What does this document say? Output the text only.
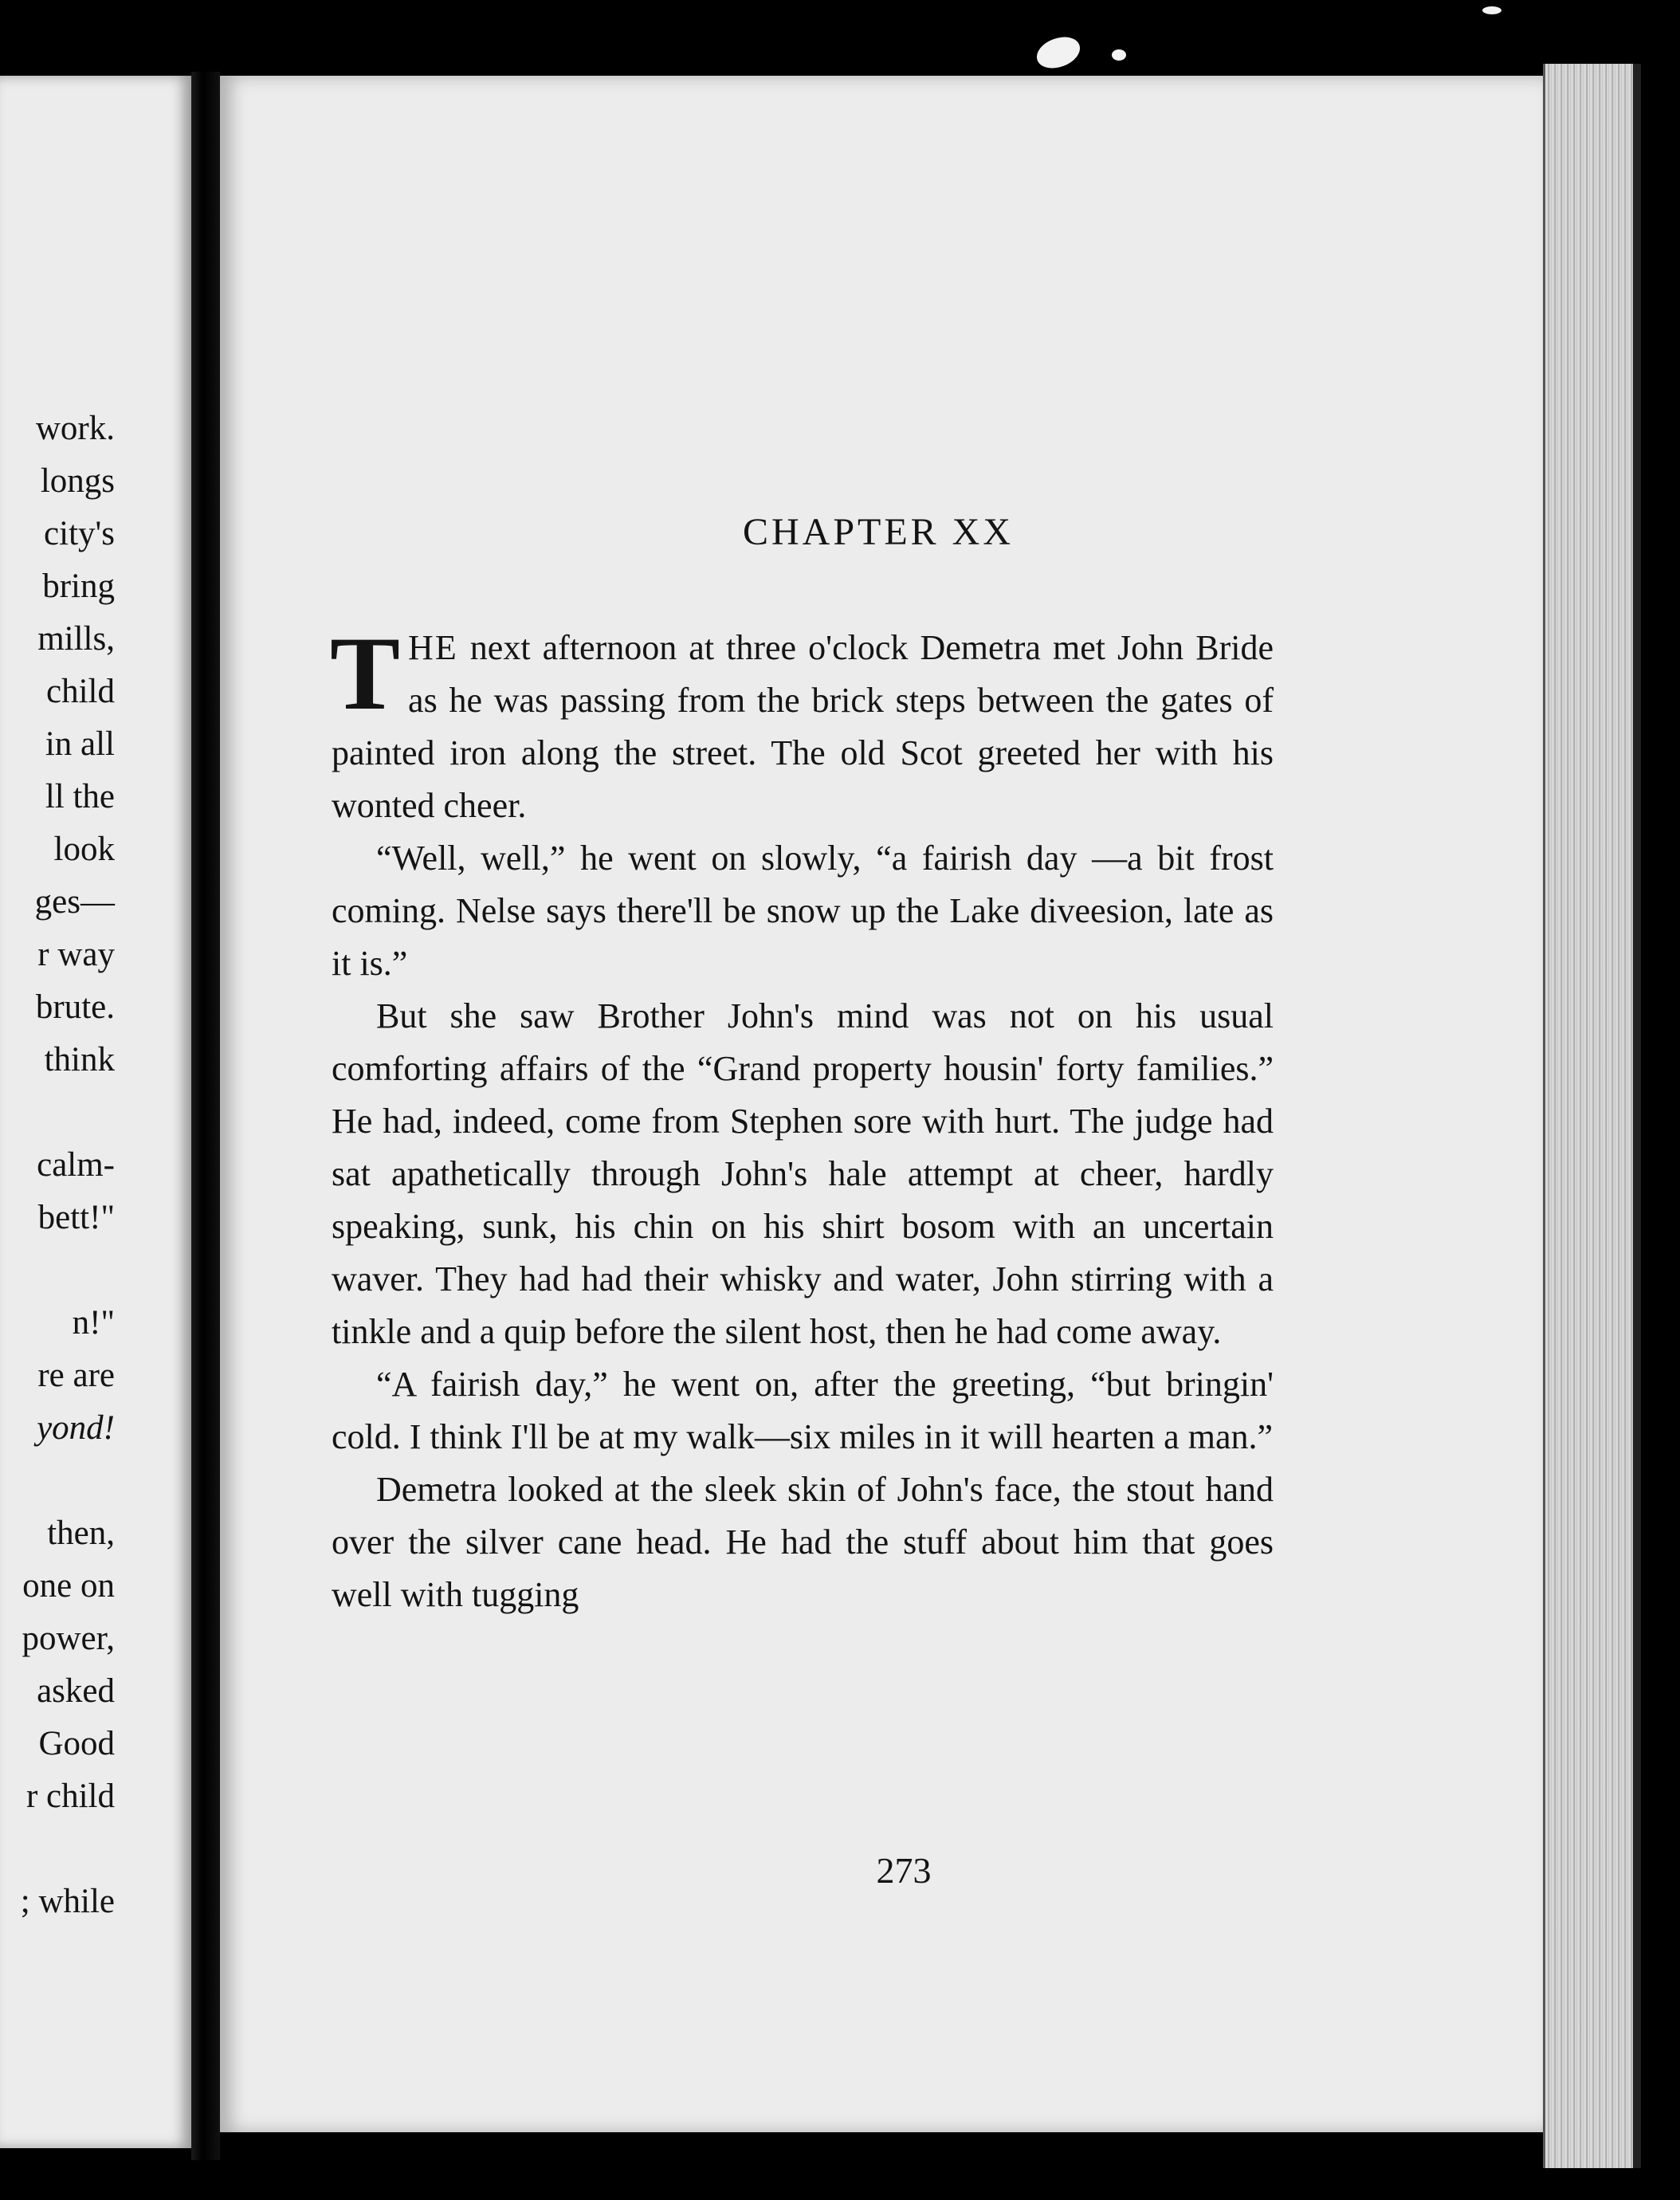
work.
longs
city's
bring
mills,
child
in all
ll the
look
ges—
r way
brute.
think
calm-
bett!"
n!"
re are
yond!
then,
one on
power,
asked
Good
r child
; while
CHAPTER XX

THE next afternoon at three o'clock Demetra met John Bride as he was passing from the brick steps between the gates of painted iron along the street. The old Scot greeted her with his wonted cheer.

“Well, well,” he went on slowly, “a fairish day —a bit frost coming. Nelse says there'll be snow up the Lake diveesion, late as it is.”

But she saw Brother John's mind was not on his usual comforting affairs of the “Grand property housin' forty families.” He had, indeed, come from Stephen sore with hurt. The judge had sat apathetically through John's hale attempt at cheer, hardly speaking, sunk, his chin on his shirt bosom with an uncertain waver. They had had their whisky and water, John stirring with a tinkle and a quip before the silent host, then he had come away.

“A fairish day,” he went on, after the greeting, “but bringin' cold. I think I'll be at my walk—six miles in it will hearten a man.”

Demetra looked at the sleek skin of John's face, the stout hand over the silver cane head. He had the stuff about him that goes well with tugging

273
